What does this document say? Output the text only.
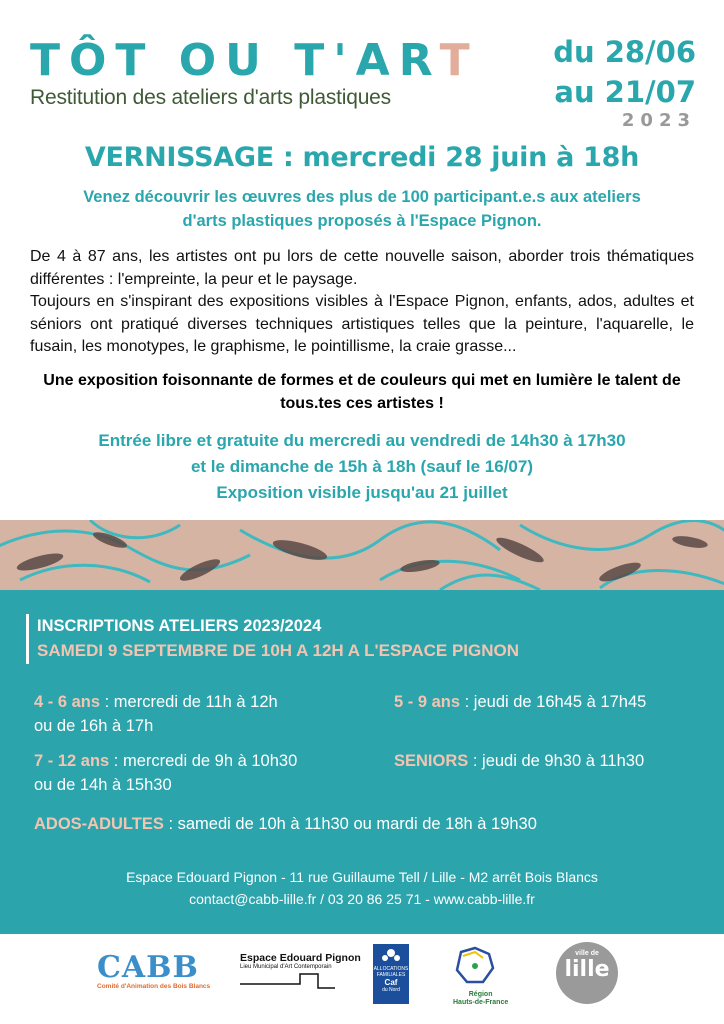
TÔT OU T'ART
Restitution des ateliers d'arts plastiques
du 28/06
au 21/07
2023
VERNISSAGE : mercredi 28 juin à 18h
Venez découvrir les œuvres des plus de 100 participant.e.s aux ateliers d'arts plastiques proposés à l'Espace Pignon.

De 4 à 87 ans, les artistes ont pu lors de cette nouvelle saison, aborder trois thématiques différentes : l'empreinte, la peur et le paysage.

Toujours en s'inspirant des expositions visibles à l'Espace Pignon, enfants, ados, adultes et séniors ont pratiqué diverses techniques artistiques telles que la peinture, l'aquarelle, le fusain, les monotypes, le graphisme, le pointillisme, la craie grasse...

Une exposition foisonnante de formes et de couleurs qui met en lumière le talent de tous.tes ces artistes !
Entrée libre et gratuite du mercredi au vendredi de 14h30 à 17h30
et le dimanche de 15h à 18h (sauf le 16/07)
Exposition visible jusqu'au 21 juillet
INSCRIPTIONS ATELIERS 2023/2024
SAMEDI 9 SEPTEMBRE DE 10H A 12H A L'ESPACE PIGNON
4 - 6 ans : mercredi de 11h à 12h
ou de 16h à 17h
5 - 9 ans : jeudi de 16h45 à 17h45
7 - 12 ans : mercredi de 9h à 10h30
ou de 14h à 15h30
SENIORS : jeudi de 9h30 à 11h30
ADOS-ADULTES : samedi de 10h à 11h30 ou mardi de 18h à 19h30
Espace Edouard Pignon - 11 rue Guillaume Tell / Lille - M2 arrêt Bois Blancs
contact@cabb-lille.fr / 03 20 86 25 71 - www.cabb-lille.fr
CABB
Comité d'Animation des Bois Blancs
Espace Edouard Pignon
Lieu Municipal d'Art Contemporain	ALLOCATIONS
FAMILIALES
Caf
du Nord
Région
Hauts-de-France
ville de
lille
